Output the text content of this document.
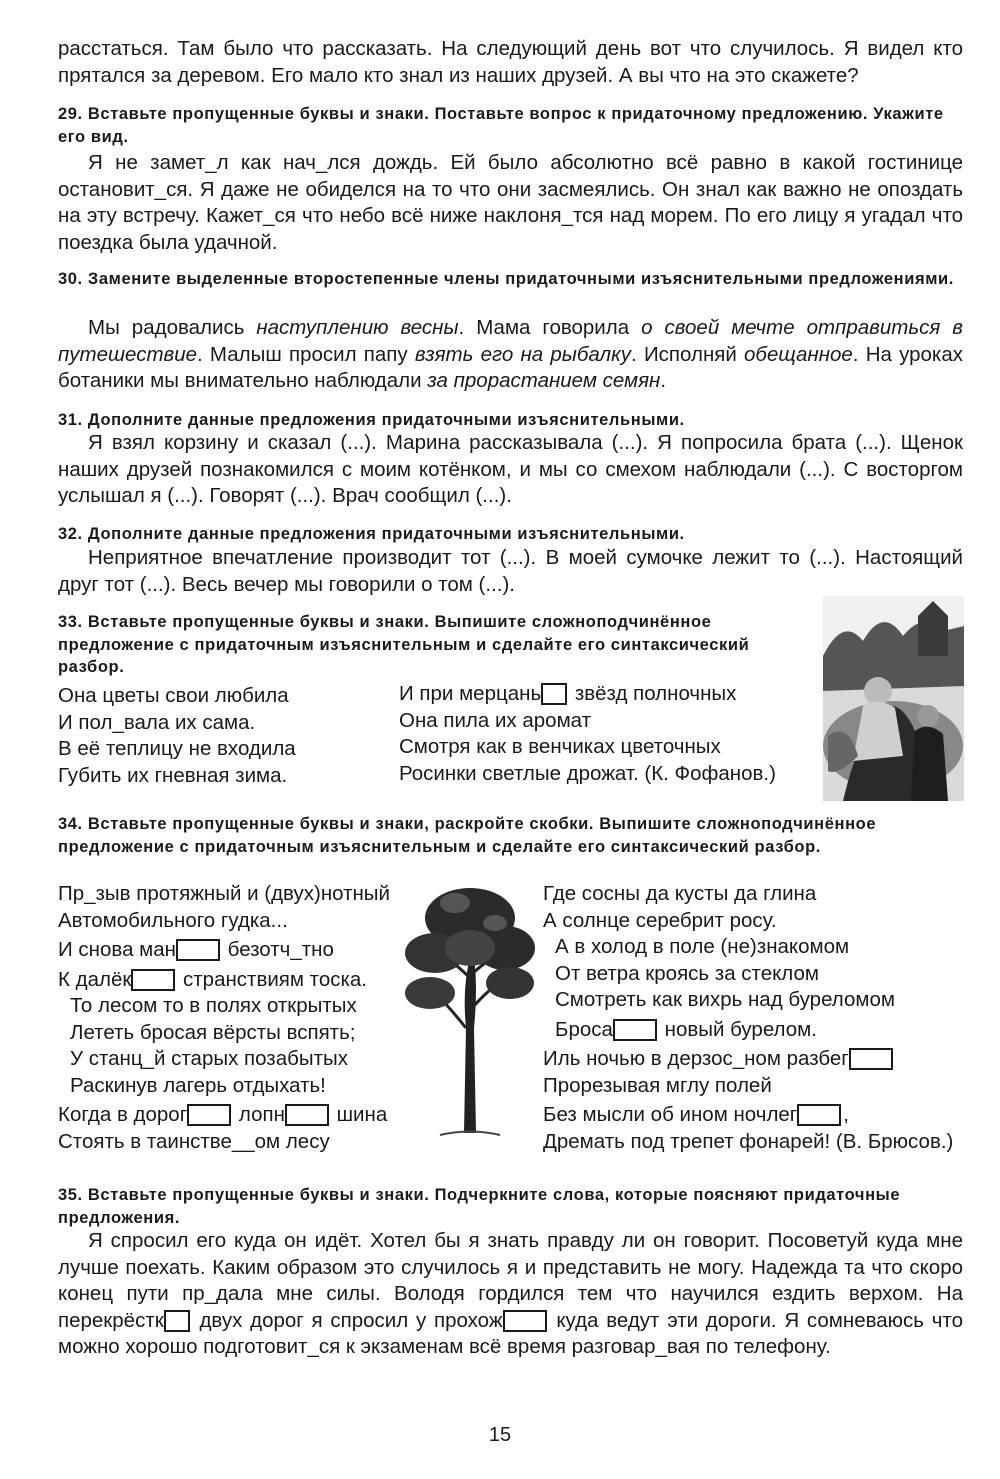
расстаться. Там было что рассказать. На следующий день вот что случилось. Я видел кто прятался за деревом. Его мало кто знал из наших друзей. А вы что на это скажете?

29. Вставьте пропущенные буквы и знаки. Поставьте вопрос к придаточному предложению. Укажите его вид.

Я не замет_л как нач_лся дождь. Ей было абсолютно всё равно в какой гостинице остановит_ся. Я даже не обиделся на то что они засмеялись. Он знал как важно не опоздать на эту встречу. Кажет_ся что небо всё ниже наклоня_тся над морем. По его лицу я угадал что поездка была удачной.

30. Замените выделенные второстепенные члены придаточными изъяснительными предложениями.

Мы радовались наступлению весны. Мама говорила о своей мечте отправиться в путешествие. Малыш просил папу взять его на рыбалку. Исполняй обещанное. На уроках ботаники мы внимательно наблюдали за прорастанием семян.

31. Дополните данные предложения придаточными изъяснительными.

Я взял корзину и сказал (...). Марина рассказывала (...). Я попросила брата (...). Щенок наших друзей познакомился с моим котёнком, и мы со смехом наблюдали (...). С восторгом услышал я (...). Говорят (...). Врач сообщил (...).

32. Дополните данные предложения придаточными изъяснительными.

Неприятное впечатление производит тот (...). В моей сумочке лежит то (...). Настоящий друг тот (...). Весь вечер мы говорили о том (...).

33. Вставьте пропущенные буквы и знаки. Выпишите сложноподчинённое предложение с придаточным изъяснительным и сделайте его синтаксический разбор.

Она цветы свои любила
И пол_вала их сама.
В её теплицу не входила
Губить их гневная зима.
И при мерцань звёзд полночных
Она пила их аромат
Смотря как в венчиках цветочных
Росинки светлые дрожат. (К. Фофанов.)

34. Вставьте пропущенные буквы и знаки, раскройте скобки. Выпишите сложноподчинённое предложение с придаточным изъяснительным и сделайте его синтаксический разбор.

Пр_зыв протяжный и (двух)нотный
Автомобильного гудка...
И снова ман безотч_тно
К далёк странствиям тоска.
То лесом то в полях открытых
Лететь бросая вёрсты вспять;
У станц_й старых позабытых
Раскинув лагерь отдыхать!
Когда в дорог лопн шина
Стоять в таинстве__ом лесу
Где сосны да кусты да глина
А солнце серебрит росу.
А в холод в поле (не)знакомом
От ветра кроясь за стеклом
Смотреть как вихрь над буреломом
Броса новый бурелом.
Иль ночью в дерзос_ном разбег
Прорезывая мглу полей
Без мысли об ином ночлег ,
Дремать под трепет фонарей! (В. Брюсов.)

35. Вставьте пропущенные буквы и знаки. Подчеркните слова, которые поясняют придаточные предложения.

Я спросил его куда он идёт. Хотел бы я знать правду ли он говорит. Посоветуй куда мне лучше поехать. Каким образом это случилось я и представить не могу. Надежда та что скоро конец пути пр_дала мне силы. Володя гордился тем что научился ездить верхом. На перекрёстк двух дорог я спросил у прохож куда ведут эти дороги. Я сомневаюсь что можно хорошо подготовит_ся к экзаменам всё время разговар_вая по телефону.

15
